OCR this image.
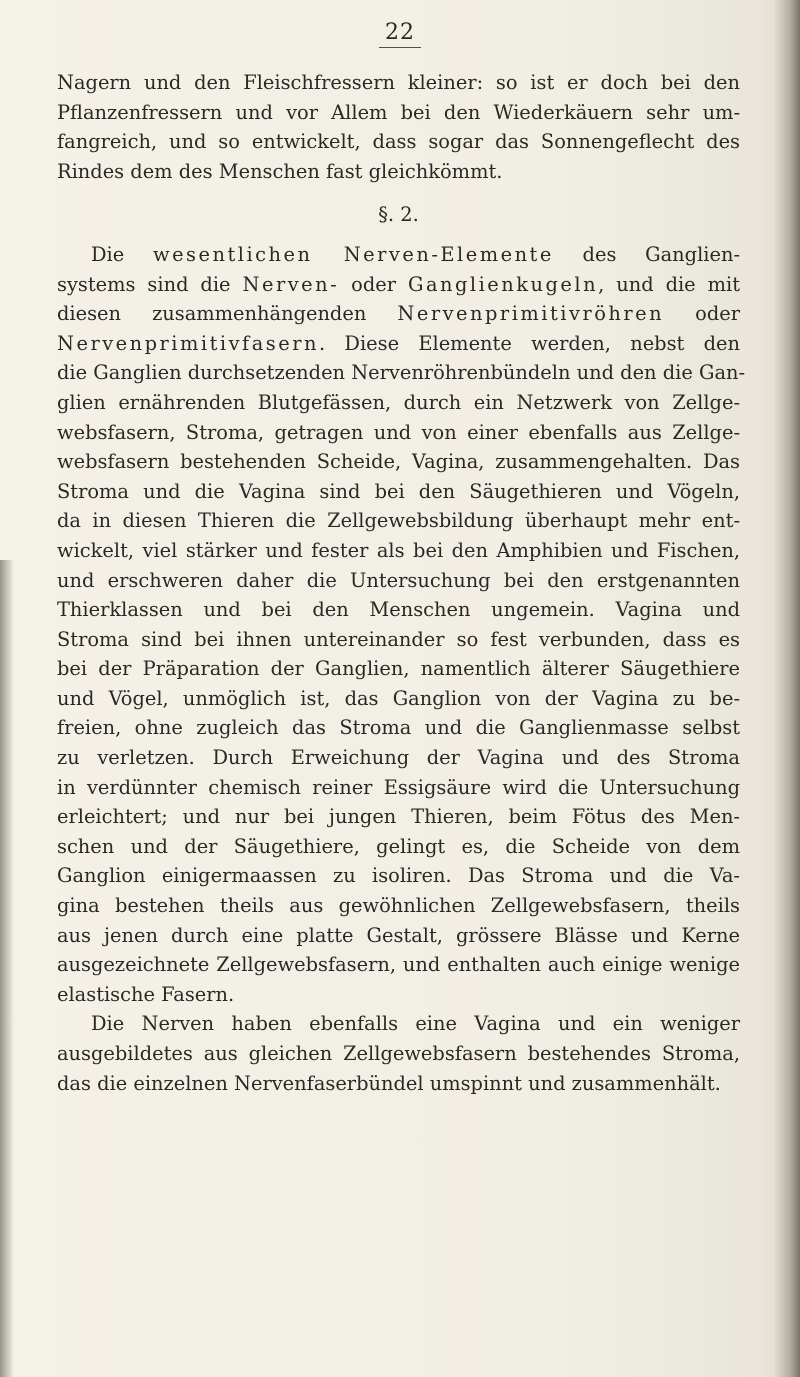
22
Nagern und den Fleischfressern kleiner: so ist er doch bei den
Pflanzenfressern und vor Allem bei den Wiederkäuern sehr um-
fangreich, und so entwickelt, dass sogar das Sonnengeflecht des
Rindes dem des Menschen fast gleichkömmt.
§. 2.
Die wesentlichen Nerven-Elemente des Ganglien-
systems sind die Nerven- oder Ganglienkugeln, und die mit
diesen zusammenhängenden Nervenprimitivröhren oder
Nervenprimitivfasern. Diese Elemente werden, nebst den
die Ganglien durchsetzenden Nervenröhrenbündeln und den die Gan-
glien ernährenden Blutgefässen, durch ein Netzwerk von Zellge-
websfasern, Stroma, getragen und von einer ebenfalls aus Zellge-
websfasern bestehenden Scheide, Vagina, zusammengehalten. Das
Stroma und die Vagina sind bei den Säugethieren und Vögeln,
da in diesen Thieren die Zellgewebsbildung überhaupt mehr ent-
wickelt, viel stärker und fester als bei den Amphibien und Fischen,
und erschweren daher die Untersuchung bei den erstgenannten
Thierklassen und bei den Menschen ungemein. Vagina und
Stroma sind bei ihnen untereinander so fest verbunden, dass es
bei der Präparation der Ganglien, namentlich älterer Säugethiere
und Vögel, unmöglich ist, das Ganglion von der Vagina zu be-
freien, ohne zugleich das Stroma und die Ganglienmasse selbst
zu verletzen. Durch Erweichung der Vagina und des Stroma
in verdünnter chemisch reiner Essigsäure wird die Untersuchung
erleichtert; und nur bei jungen Thieren, beim Fötus des Men-
schen und der Säugethiere, gelingt es, die Scheide von dem
Ganglion einigermaassen zu isoliren. Das Stroma und die Va-
gina bestehen theils aus gewöhnlichen Zellgewebsfasern, theils
aus jenen durch eine platte Gestalt, grössere Blässe und Kerne
ausgezeichnete Zellgewebsfasern, und enthalten auch einige wenige
elastische Fasern.
Die Nerven haben ebenfalls eine Vagina und ein weniger
ausgebildetes aus gleichen Zellgewebsfasern bestehendes Stroma,
das die einzelnen Nervenfaserbündel umspinnt und zusammenhält.
